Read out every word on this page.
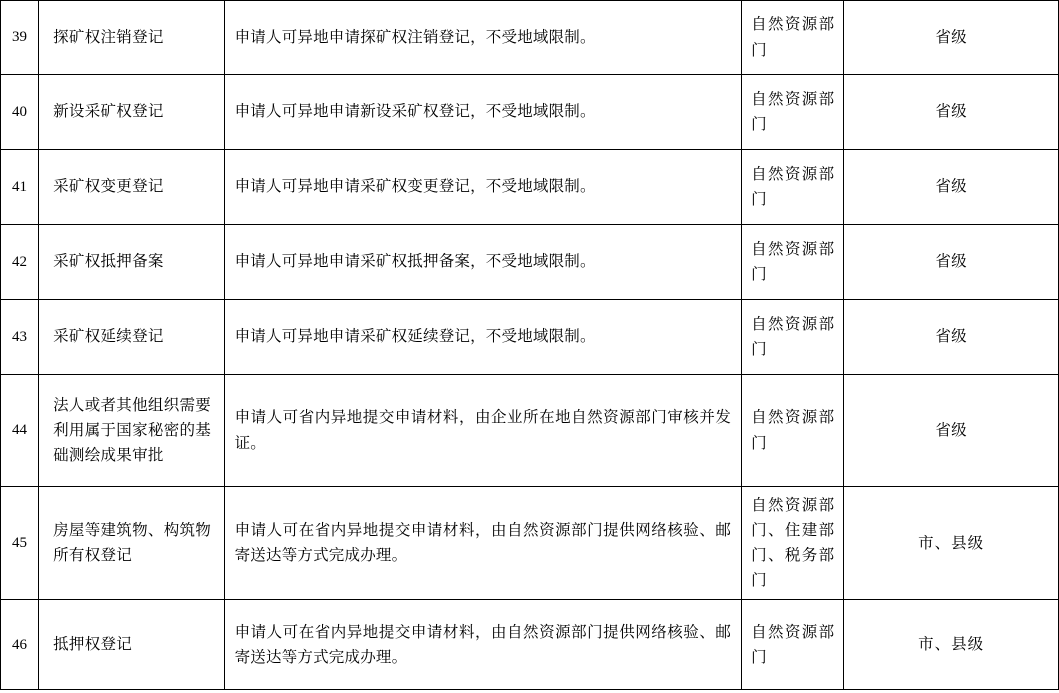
39	探矿权注销登记	申请人可异地申请探矿权注销登记，不受地域限制。	自然资源部门	省级

40	新设采矿权登记	申请人可异地申请新设采矿权登记，不受地域限制。	自然资源部门	省级

41	采矿权变更登记	申请人可异地申请采矿权变更登记，不受地域限制。	自然资源部门	省级

42	采矿权抵押备案	申请人可异地申请采矿权抵押备案，不受地域限制。	自然资源部门	省级

43	采矿权延续登记	申请人可异地申请采矿权延续登记，不受地域限制。	自然资源部门	省级

44	法人或者其他组织需要利用属于国家秘密的基础测绘成果审批	申请人可省内异地提交申请材料，由企业所在地自然资源部门审核并发证。	自然资源部门	省级

45	房屋等建筑物、构筑物所有权登记	申请人可在省内异地提交申请材料，由自然资源部门提供网络核验、邮寄送达等方式完成办理。	自然资源部门、住建部门、税务部门	市、县级

46	抵押权登记	申请人可在省内异地提交申请材料，由自然资源部门提供网络核验、邮寄送达等方式完成办理。	自然资源部门	市、县级
